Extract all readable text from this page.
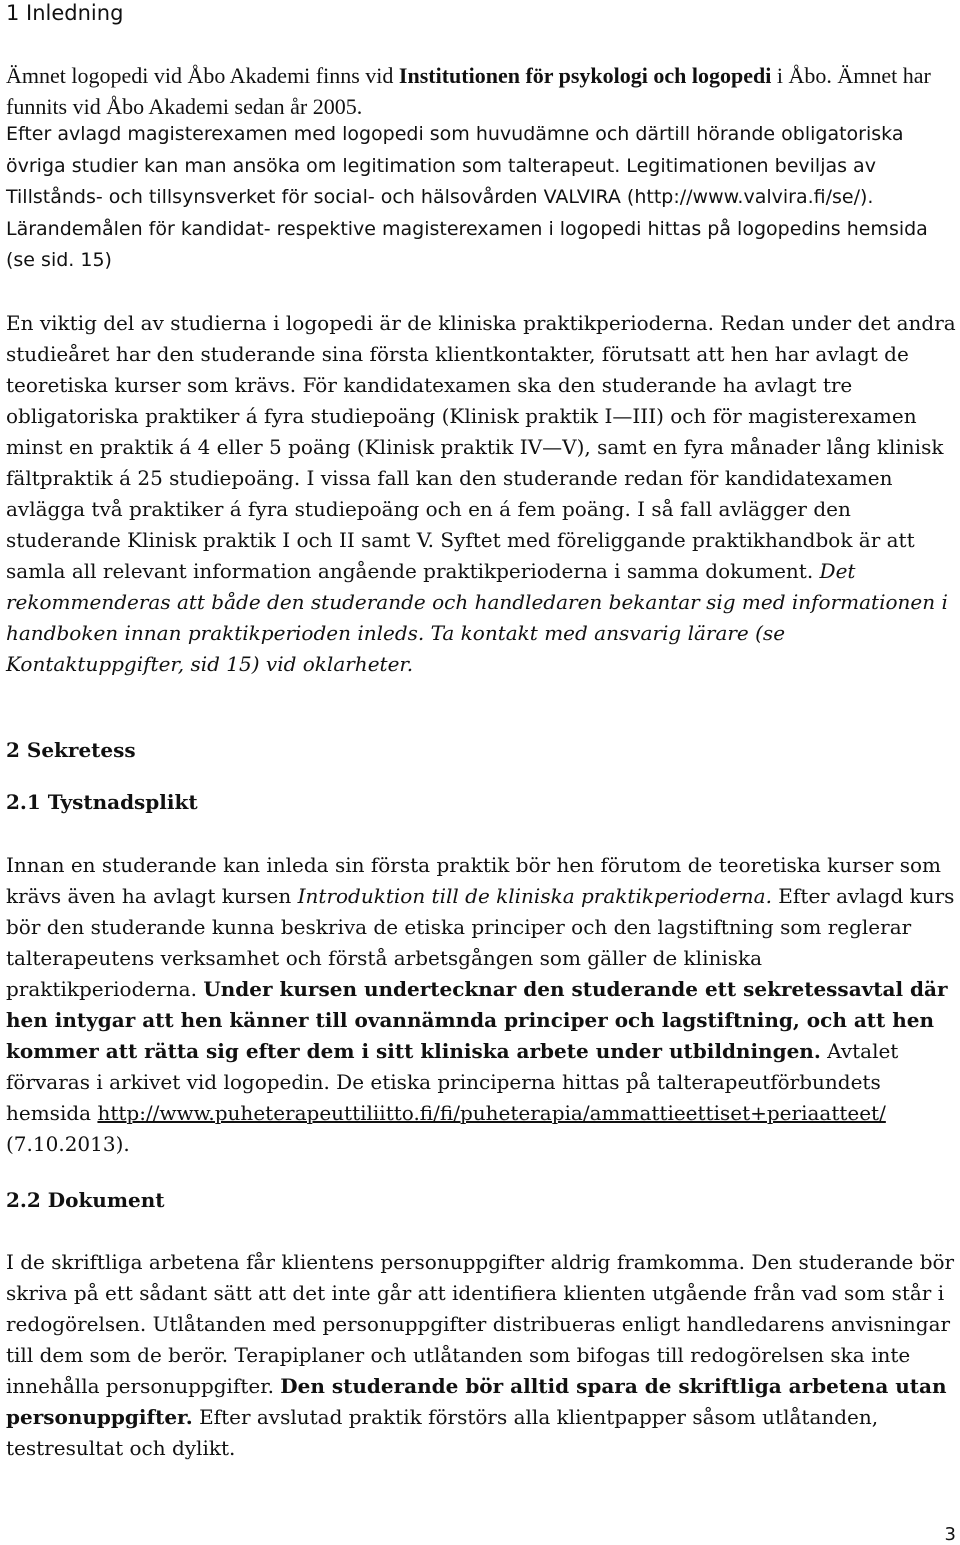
1 Inledning
Ämnet logopedi vid Åbo Akademi finns vid Institutionen för psykologi och logopedi i Åbo. Ämnet har funnits vid Åbo Akademi sedan år 2005.
Efter avlagd magisterexamen med logopedi som huvudämne och därtill hörande obligatoriska övriga studier kan man ansöka om legitimation som talterapeut. Legitimationen beviljas av Tillstånds- och tillsynsverket för social- och hälsovården VALVIRA (http://www.valvira.fi/se/). Lärandemålen för kandidat- respektive magisterexamen i logopedi hittas på logopedins hemsida (se sid. 15)
En viktig del av studierna i logopedi är de kliniska praktikperioderna. Redan under det andra studieåret har den studerande sina första klientkontakter, förutsatt att hen har avlagt de teoretiska kurser som krävs. För kandidatexamen ska den studerande ha avlagt tre obligatoriska praktiker á fyra studiepoäng (Klinisk praktik I—III) och för magisterexamen minst en praktik á 4 eller 5 poäng (Klinisk praktik IV—V), samt en fyra månader lång klinisk fältpraktik á 25 studiepoäng. I vissa fall kan den studerande redan för kandidatexamen avlägga två praktiker á fyra studiepoäng och en á fem poäng. I så fall avlägger den studerande Klinisk praktik I och II samt V. Syftet med föreliggande praktikhandbok är att samla all relevant information angående praktikperioderna i samma dokument. Det rekommenderas att både den studerande och handledaren bekantar sig med informationen i handboken innan praktikperioden inleds. Ta kontakt med ansvarig lärare (se Kontaktuppgifter, sid 15) vid oklarheter.
2 Sekretess
2.1 Tystnadsplikt
Innan en studerande kan inleda sin första praktik bör hen förutom de teoretiska kurser som krävs även ha avlagt kursen Introduktion till de kliniska praktikperioderna. Efter avlagd kurs bör den studerande kunna beskriva de etiska principer och den lagstiftning som reglerar talterapeutens verksamhet och förstå arbetsgången som gäller de kliniska praktikperioderna. Under kursen undertecknar den studerande ett sekretessavtal där hen intygar att hen känner till ovannämnda principer och lagstiftning, och att hen kommer att rätta sig efter dem i sitt kliniska arbete under utbildningen. Avtalet förvaras i arkivet vid logopedin. De etiska principerna hittas på talterapeutförbundets hemsida http://www.puheterapeuttiliitto.fi/fi/puheterapia/ammattieettiset+periaatteet/ (7.10.2013).
2.2 Dokument
I de skriftliga arbetena får klientens personuppgifter aldrig framkomma. Den studerande bör skriva på ett sådant sätt att det inte går att identifiera klienten utgående från vad som står i redogörelsen. Utlåtanden med personuppgifter distribueras enligt handledarens anvisningar till dem som de berör. Terapiplaner och utlåtanden som bifogas till redogörelsen ska inte innehålla personuppgifter. Den studerande bör alltid spara de skriftliga arbetena utan personuppgifter. Efter avslutad praktik förstörs alla klientpapper såsom utlåtanden, testresultat och dylikt.
3
